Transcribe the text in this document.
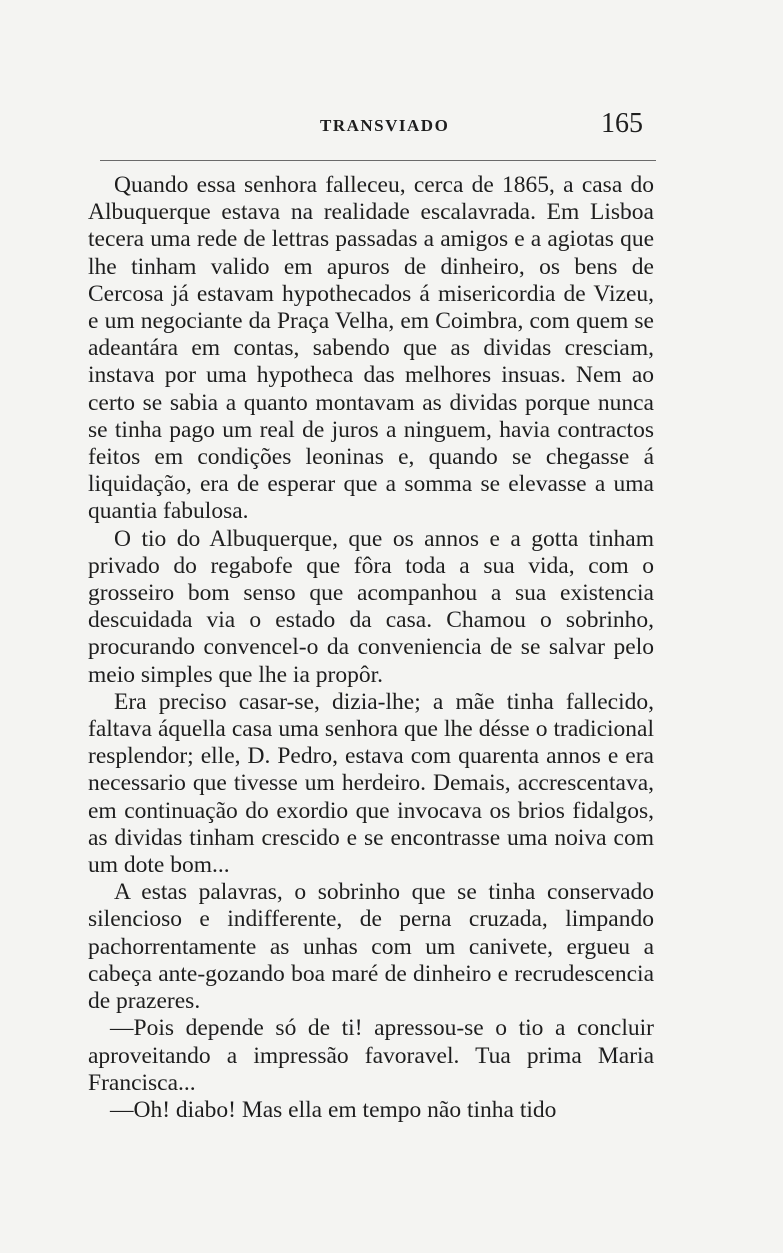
TRANSVIADO	165

Quando essa senhora falleceu, cerca de 1865, a casa do Albuquerque estava na realidade escalavrada. Em Lisboa tecera uma rede de lettras passadas a amigos e a agiotas que lhe tinham valido em apuros de dinheiro, os bens de Cercosa já estavam hypothecados á misericordia de Vizeu, e um negociante da Praça Velha, em Coimbra, com quem se adeantára em contas, sabendo que as dividas cresciam, instava por uma hypotheca das melhores insuas. Nem ao certo se sabia a quanto montavam as dividas porque nunca se tinha pago um real de juros a ninguem, havia contractos feitos em condições leoninas e, quando se chegasse á liquidação, era de esperar que a somma se elevasse a uma quantia fabulosa.

O tio do Albuquerque, que os annos e a gotta tinham privado do regabofe que fôra toda a sua vida, com o grosseiro bom senso que acompanhou a sua existencia descuidada via o estado da casa. Chamou o sobrinho, procurando convencel-o da conveniencia de se salvar pelo meio simples que lhe ia propôr.

Era preciso casar-se, dizia-lhe; a mãe tinha fallecido, faltava áquella casa uma senhora que lhe désse o tradicional resplendor; elle, D. Pedro, estava com quarenta annos e era necessario que tivesse um herdeiro. Demais, accrescentava, em continuação do exordio que invocava os brios fidalgos, as dividas tinham crescido e se encontrasse uma noiva com um dote bom...

A estas palavras, o sobrinho que se tinha conservado silencioso e indifferente, de perna cruzada, limpando pachorrentamente as unhas com um canivete, ergueu a cabeça ante-gozando boa maré de dinheiro e recrudescencia de prazeres.

—Pois depende só de ti! apressou-se o tio a concluir aproveitando a impressão favoravel. Tua prima Maria Francisca...

—Oh! diabo! Mas ella em tempo não tinha tido
